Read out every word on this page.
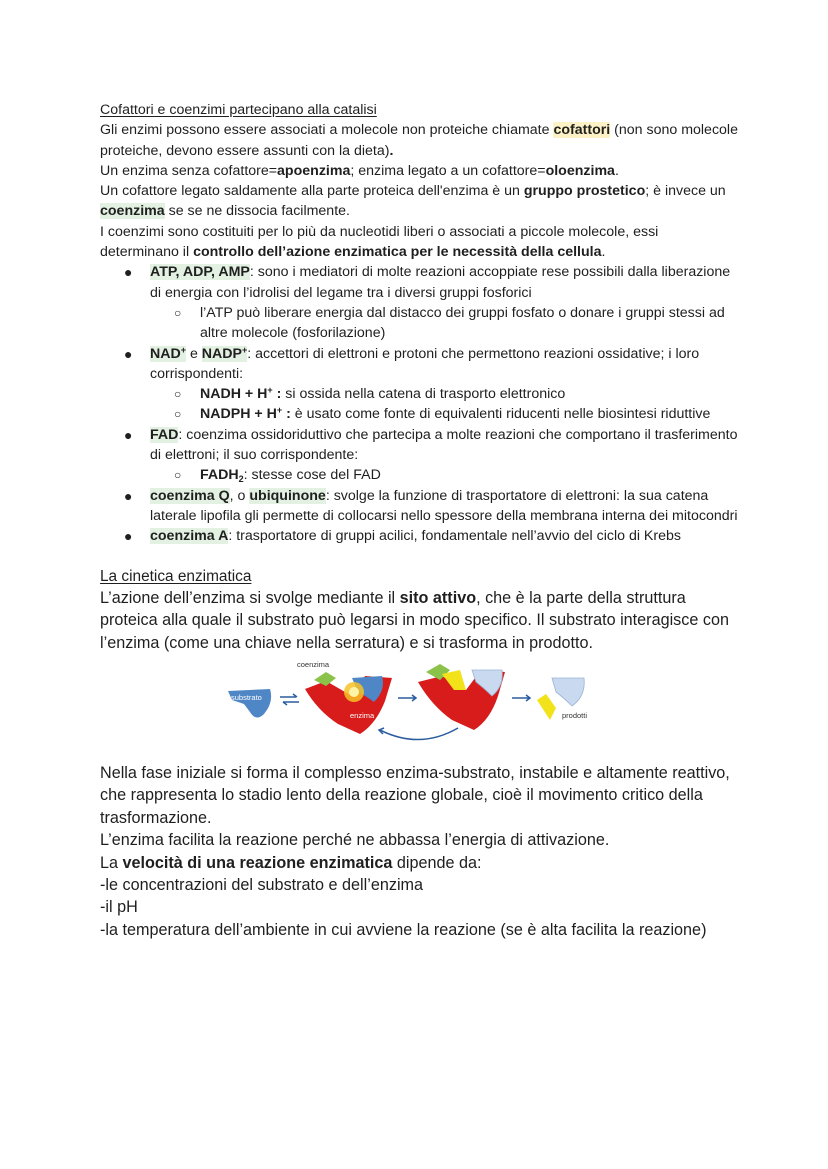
Cofattori e coenzimi partecipano alla catalisi
Gli enzimi possono essere associati a molecole non proteiche chiamate cofattori (non sono molecole proteiche, devono essere assunti con la dieta).
Un enzima senza cofattore=apoenzima; enzima legato a un cofattore=oloenzima.
Un cofattore legato saldamente alla parte proteica dell'enzima è un gruppo prostetico; è invece un coenzima se se ne dissocia facilmente.
I coenzimi sono costituiti per lo più da nucleotidi liberi o associati a piccole molecole, essi determinano il controllo dell’azione enzimatica per le necessità della cellula.
● ATP, ADP, AMP: sono i mediatori di molte reazioni accoppiate rese possibili dalla liberazione di energia con l’idrolisi del legame tra i diversi gruppi fosforici
○ l’ATP può liberare energia dal distacco dei gruppi fosfato o donare i gruppi stessi ad altre molecole (fosforilazione)
● NAD+ e NADP+: accettori di elettroni e protoni che permettono reazioni ossidative; i loro corrispondenti:
○ NADH + H+ : si ossida nella catena di trasporto elettronico
○ NADPH + H+ : è usato come fonte di equivalenti riducenti nelle biosintesi riduttive
● FAD: coenzima ossidoriduttivo che partecipa a molte reazioni che comportano il trasferimento di elettroni; il suo corrispondente:
○ $FADH_2$: stesse cose del FAD
● coenzima Q, o ubiquinone: svolge la funzione di trasportatore di elettroni: la sua catena laterale lipofila gli permette di collocarsi nello spessore della membrana interna dei mitocondri
● coenzima A: trasportatore di gruppi acilici, fondamentale nell’avvio del ciclo di Krebs
La cinetica enzimatica
L’azione dell’enzima si svolge mediante il sito attivo, che è la parte della struttura proteica alla quale il substrato può legarsi in modo specifico. Il substrato interagisce con l’enzima (come una chiave nella serratura) e si trasforma in prodotto.
substrato
coenzima
enzima	prodotti
Nella fase iniziale si forma il complesso enzima-substrato, instabile e altamente reattivo, che rappresenta lo stadio lento della reazione globale, cioè il movimento critico della trasformazione.
L’enzima facilita la reazione perché ne abbassa l’energia di attivazione.
La velocità di una reazione enzimatica dipende da:
-le concentrazioni del substrato e dell’enzima
-il pH
-la temperatura dell’ambiente in cui avviene la reazione (se è alta facilita la reazione)
